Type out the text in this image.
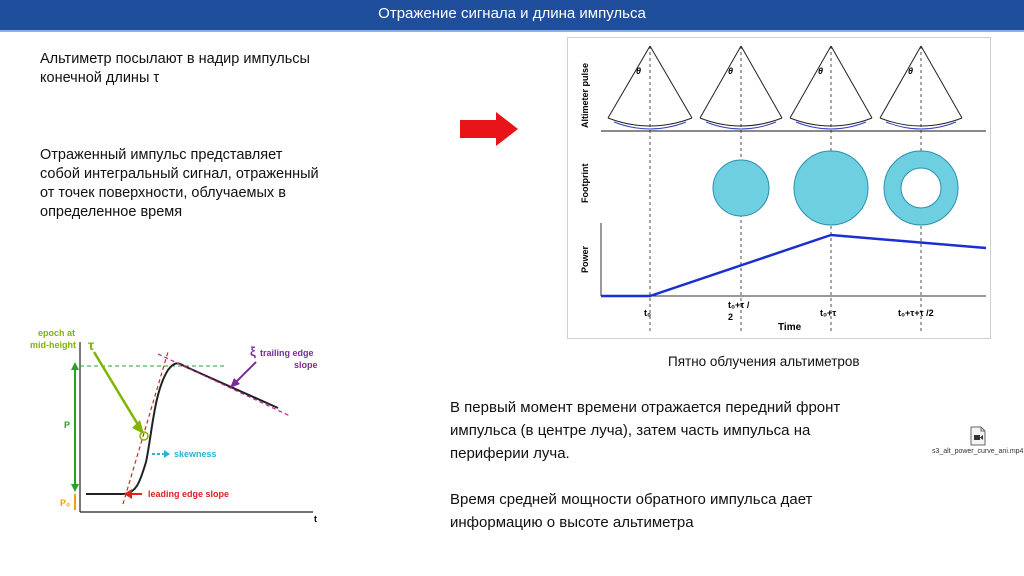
Отражение сигнала и длина импульса
Альтиметр посылают в надир импульсы
конечной длины τ
Отраженный импульс представляет
собой интегральный сигнал, отраженный
от точек поверхности, облучаемых в
определенное время
Altimeter pulse
Footprint
Power
θ	θ	θ	θ
t₀
t₀+τ /
2	t₀+τ	t₀+τ+τ /2
Time
Пятно облучения альтиметров
epoch at
mid-height τ
t
P
P₀
ξ trailing edge
slope
skewness
leading edge slope
В первый момент времени отражается передний фронт
импульса (в центре луча), затем часть импульса на
периферии луча.
Время средней мощности обратного импульса дает
информацию о высоте альтиметра
s3_alt_power_curve_ani.mp4
